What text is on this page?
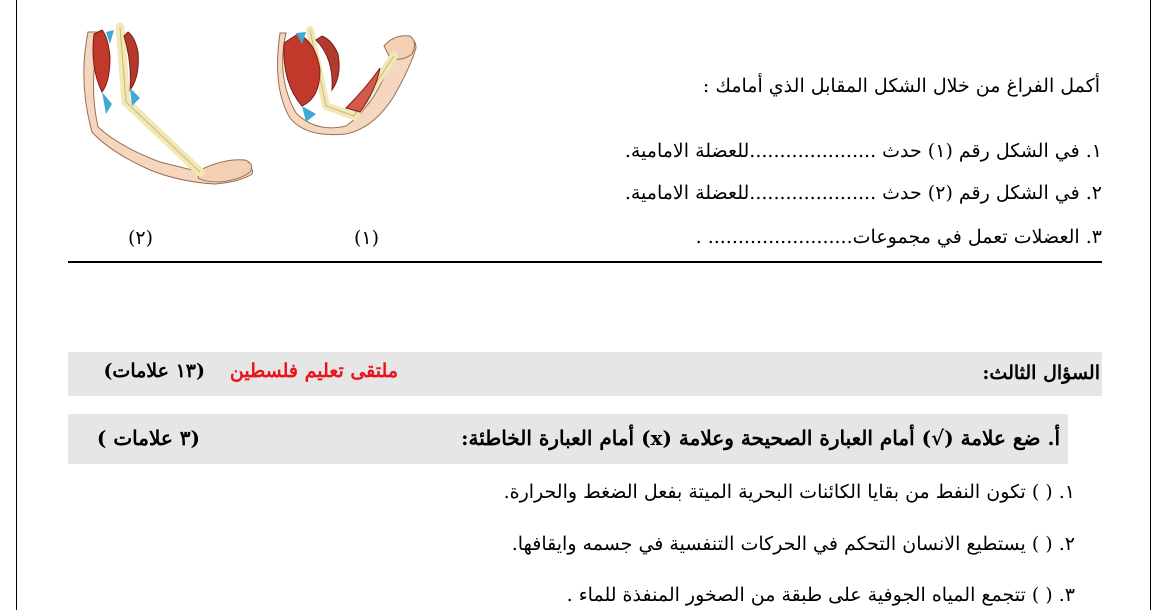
(٢)	(١)
أكمل الفراغ من خلال الشكل المقابل الذي أمامك :
١. في الشكل رقم (١) حدث .....................للعضلة الامامية.
٢. في الشكل رقم (٢) حدث .....................للعضلة الامامية.
٣. العضلات تعمل في مجموعات........................ .
السؤال الثالث:
ملتقى تعليم فلسطين
(١٣ علامات)
أ. ضع علامة (√) أمام العبارة الصحيحة وعلامة (x) أمام العبارة الخاطئة:
(٣ علامات )
١. ( ) تكون النفط من بقايا الكائنات البحرية الميتة بفعل الضغط والحرارة.
٢. ( ) يستطيع الانسان التحكم في الحركات التنفسية في جسمه وايقافها.
٣. ( ) تتجمع المياه الجوفية على طبقة من الصخور المنفذة للماء .
